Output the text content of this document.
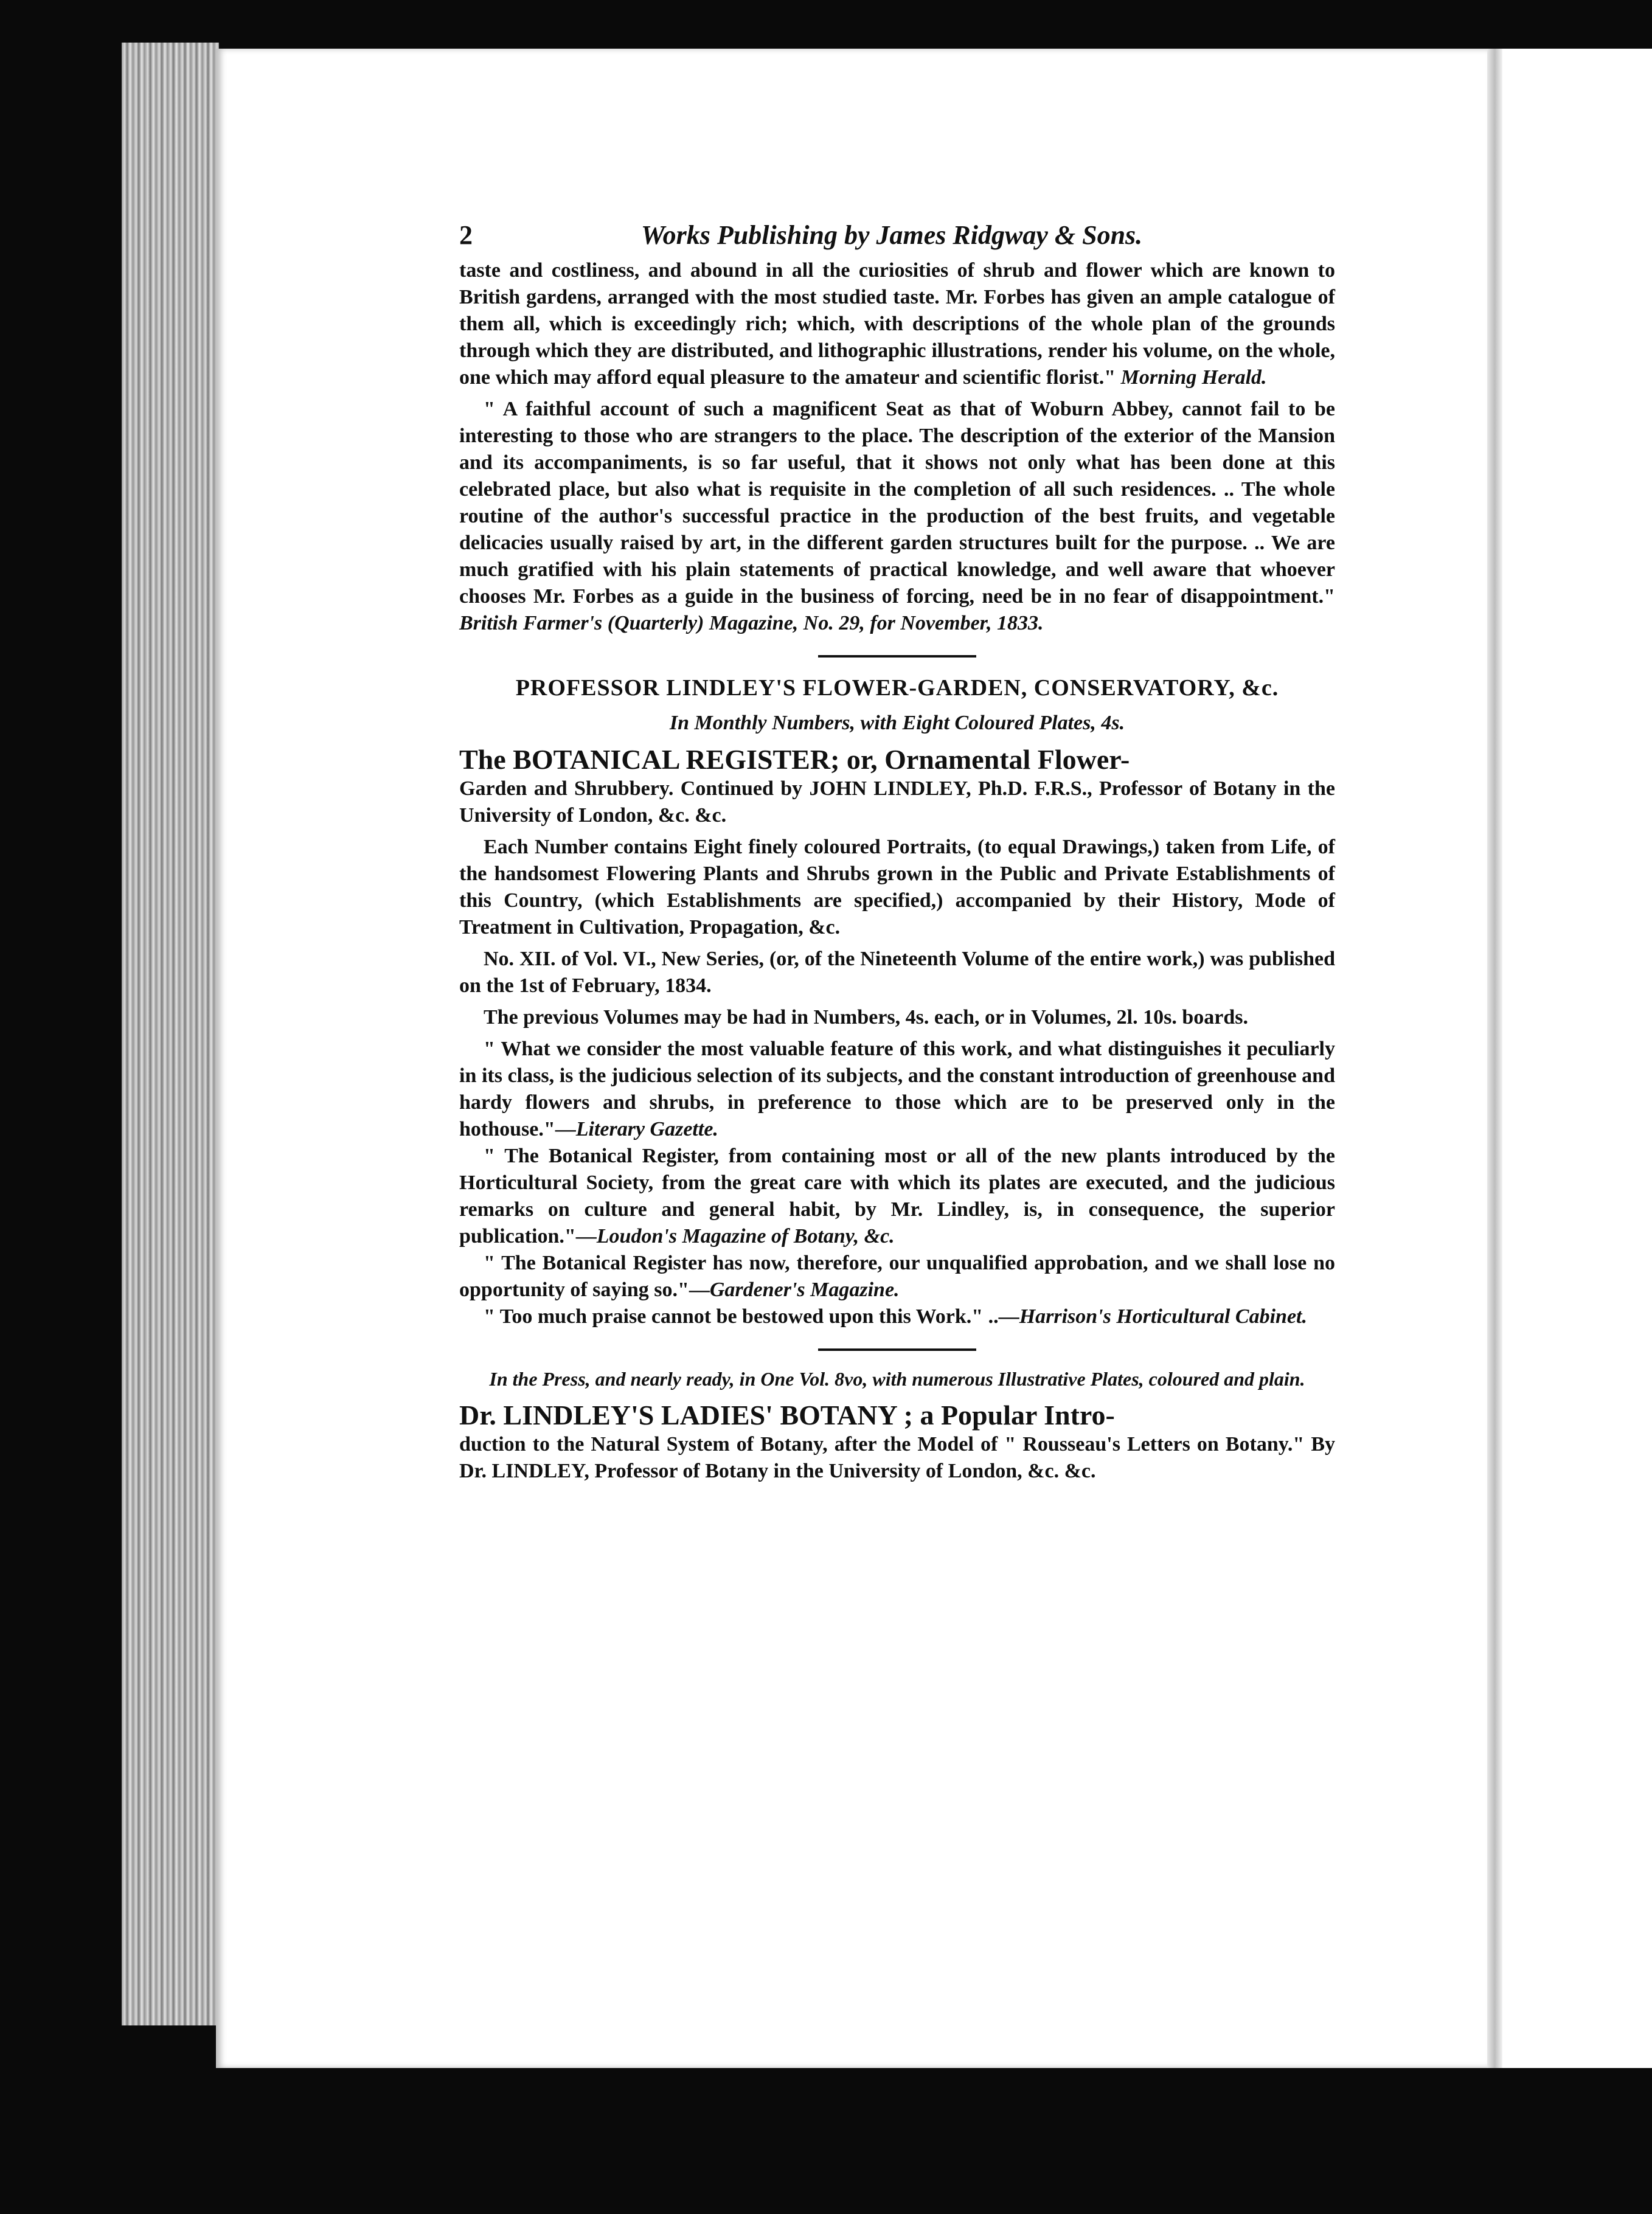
2	Works Publishing by James Ridgway & Sons.

taste and costliness, and abound in all the curiosities of shrub and flower which are known to British gardens, arranged with the most studied taste. Mr. Forbes has given an ample catalogue of them all, which is exceedingly rich; which, with descriptions of the whole plan of the grounds through which they are distributed, and lithographic illustrations, render his volume, on the whole, one which may afford equal pleasure to the amateur and scientific florist." Morning Herald.

" A faithful account of such a magnificent Seat as that of Woburn Abbey, cannot fail to be interesting to those who are strangers to the place. The description of the exterior of the Mansion and its accompaniments, is so far useful, that it shows not only what has been done at this celebrated place, but also what is requisite in the completion of all such residences. .. The whole routine of the author's successful practice in the production of the best fruits, and vegetable delicacies usually raised by art, in the different garden structures built for the purpose. .. We are much gratified with his plain statements of practical knowledge, and well aware that whoever chooses Mr. Forbes as a guide in the business of forcing, need be in no fear of disappointment." British Farmer's (Quarterly) Magazine, No. 29, for November, 1833.

PROFESSOR LINDLEY'S FLOWER-GARDEN, CONSERVATORY, &c.
In Monthly Numbers, with Eight Coloured Plates, 4s.

The BOTANICAL REGISTER; or, Ornamental Flower-

Garden and Shrubbery. Continued by JOHN LINDLEY, Ph.D. F.R.S., Professor of Botany in the University of London, &c. &c.

Each Number contains Eight finely coloured Portraits, (to equal Drawings,) taken from Life, of the handsomest Flowering Plants and Shrubs grown in the Public and Private Establishments of this Country, (which Establishments are specified,) accompanied by their History, Mode of Treatment in Cultivation, Propagation, &c.

No. XII. of Vol. VI., New Series, (or, of the Nineteenth Volume of the entire work,) was published on the 1st of February, 1834.

The previous Volumes may be had in Numbers, 4s. each, or in Volumes, 2l. 10s. boards.

" What we consider the most valuable feature of this work, and what distinguishes it peculiarly in its class, is the judicious selection of its subjects, and the constant introduction of greenhouse and hardy flowers and shrubs, in preference to those which are to be preserved only in the hothouse."—Literary Gazette.

" The Botanical Register, from containing most or all of the new plants introduced by the Horticultural Society, from the great care with which its plates are executed, and the judicious remarks on culture and general habit, by Mr. Lindley, is, in consequence, the superior publication."—Loudon's Magazine of Botany, &c.

" The Botanical Register has now, therefore, our unqualified approbation, and we shall lose no opportunity of saying so."—Gardener's Magazine.

" Too much praise cannot be bestowed upon this Work." ..—Harrison's Horticultural Cabinet.

In the Press, and nearly ready, in One Vol. 8vo, with numerous Illustrative Plates, coloured and plain.

Dr. LINDLEY'S LADIES' BOTANY ; a Popular Intro-

duction to the Natural System of Botany, after the Model of " Rousseau's Letters on Botany." By Dr. LINDLEY, Professor of Botany in the University of London, &c. &c.
